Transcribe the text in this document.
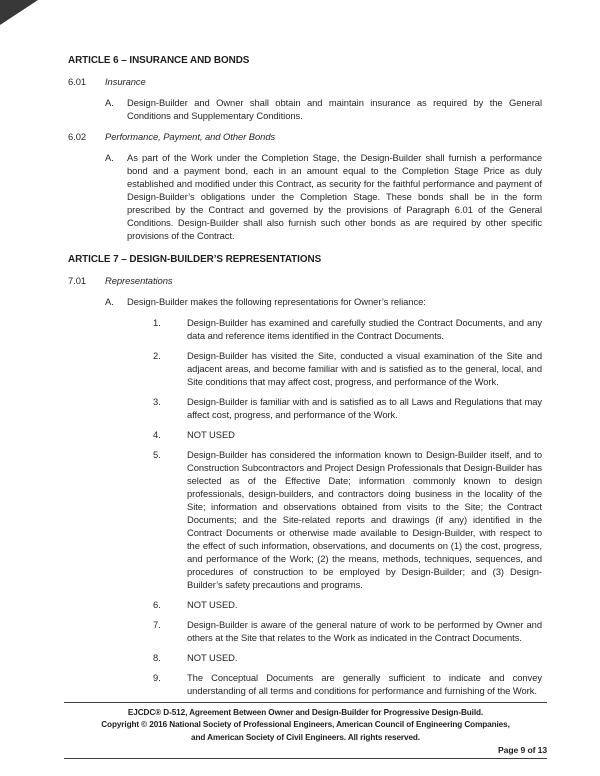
ARTICLE 6 – INSURANCE AND BONDS
6.01	Insurance
A.	Design-Builder and Owner shall obtain and maintain insurance as required by the General Conditions and Supplementary Conditions.
6.02	Performance, Payment, and Other Bonds
A.	As part of the Work under the Completion Stage, the Design-Builder shall furnish a performance bond and a payment bond, each in an amount equal to the Completion Stage Price as duly established and modified under this Contract, as security for the faithful performance and payment of Design-Builder’s obligations under the Completion Stage. These bonds shall be in the form prescribed by the Contract and governed by the provisions of Paragraph 6.01 of the General Conditions. Design-Builder shall also furnish such other bonds as are required by other specific provisions of the Contract.
ARTICLE 7 – DESIGN-BUILDER’S REPRESENTATIONS
7.01	Representations
A.	Design-Builder makes the following representations for Owner’s reliance:
1.	Design-Builder has examined and carefully studied the Contract Documents, and any data and reference items identified in the Contract Documents.
2.	Design-Builder has visited the Site, conducted a visual examination of the Site and adjacent areas, and become familiar with and is satisfied as to the general, local, and Site conditions that may affect cost, progress, and performance of the Work.
3.	Design-Builder is familiar with and is satisfied as to all Laws and Regulations that may affect cost, progress, and performance of the Work.
4.	NOT USED
5.	Design-Builder has considered the information known to Design-Builder itself, and to Construction Subcontractors and Project Design Professionals that Design-Builder has selected as of the Effective Date; information commonly known to design professionals, design-builders, and contractors doing business in the locality of the Site; information and observations obtained from visits to the Site; the Contract Documents; and the Site-related reports and drawings (if any) identified in the Contract Documents or otherwise made available to Design-Builder, with respect to the effect of such information, observations, and documents on (1) the cost, progress, and performance of the Work; (2) the means, methods, techniques, sequences, and procedures of construction to be employed by Design-Builder; and (3) Design-Builder’s safety precautions and programs.
6.	NOT USED.
7.	Design-Builder is aware of the general nature of work to be performed by Owner and others at the Site that relates to the Work as indicated in the Contract Documents.
8.	NOT USED.
9.	The Conceptual Documents are generally sufficient to indicate and convey understanding of all terms and conditions for performance and furnishing of the Work.
EJCDC® D-512, Agreement Between Owner and Design-Builder for Progressive Design-Build.
Copyright © 2016 National Society of Professional Engineers, American Council of Engineering Companies,
and American Society of Civil Engineers. All rights reserved.
Page 9 of 13
